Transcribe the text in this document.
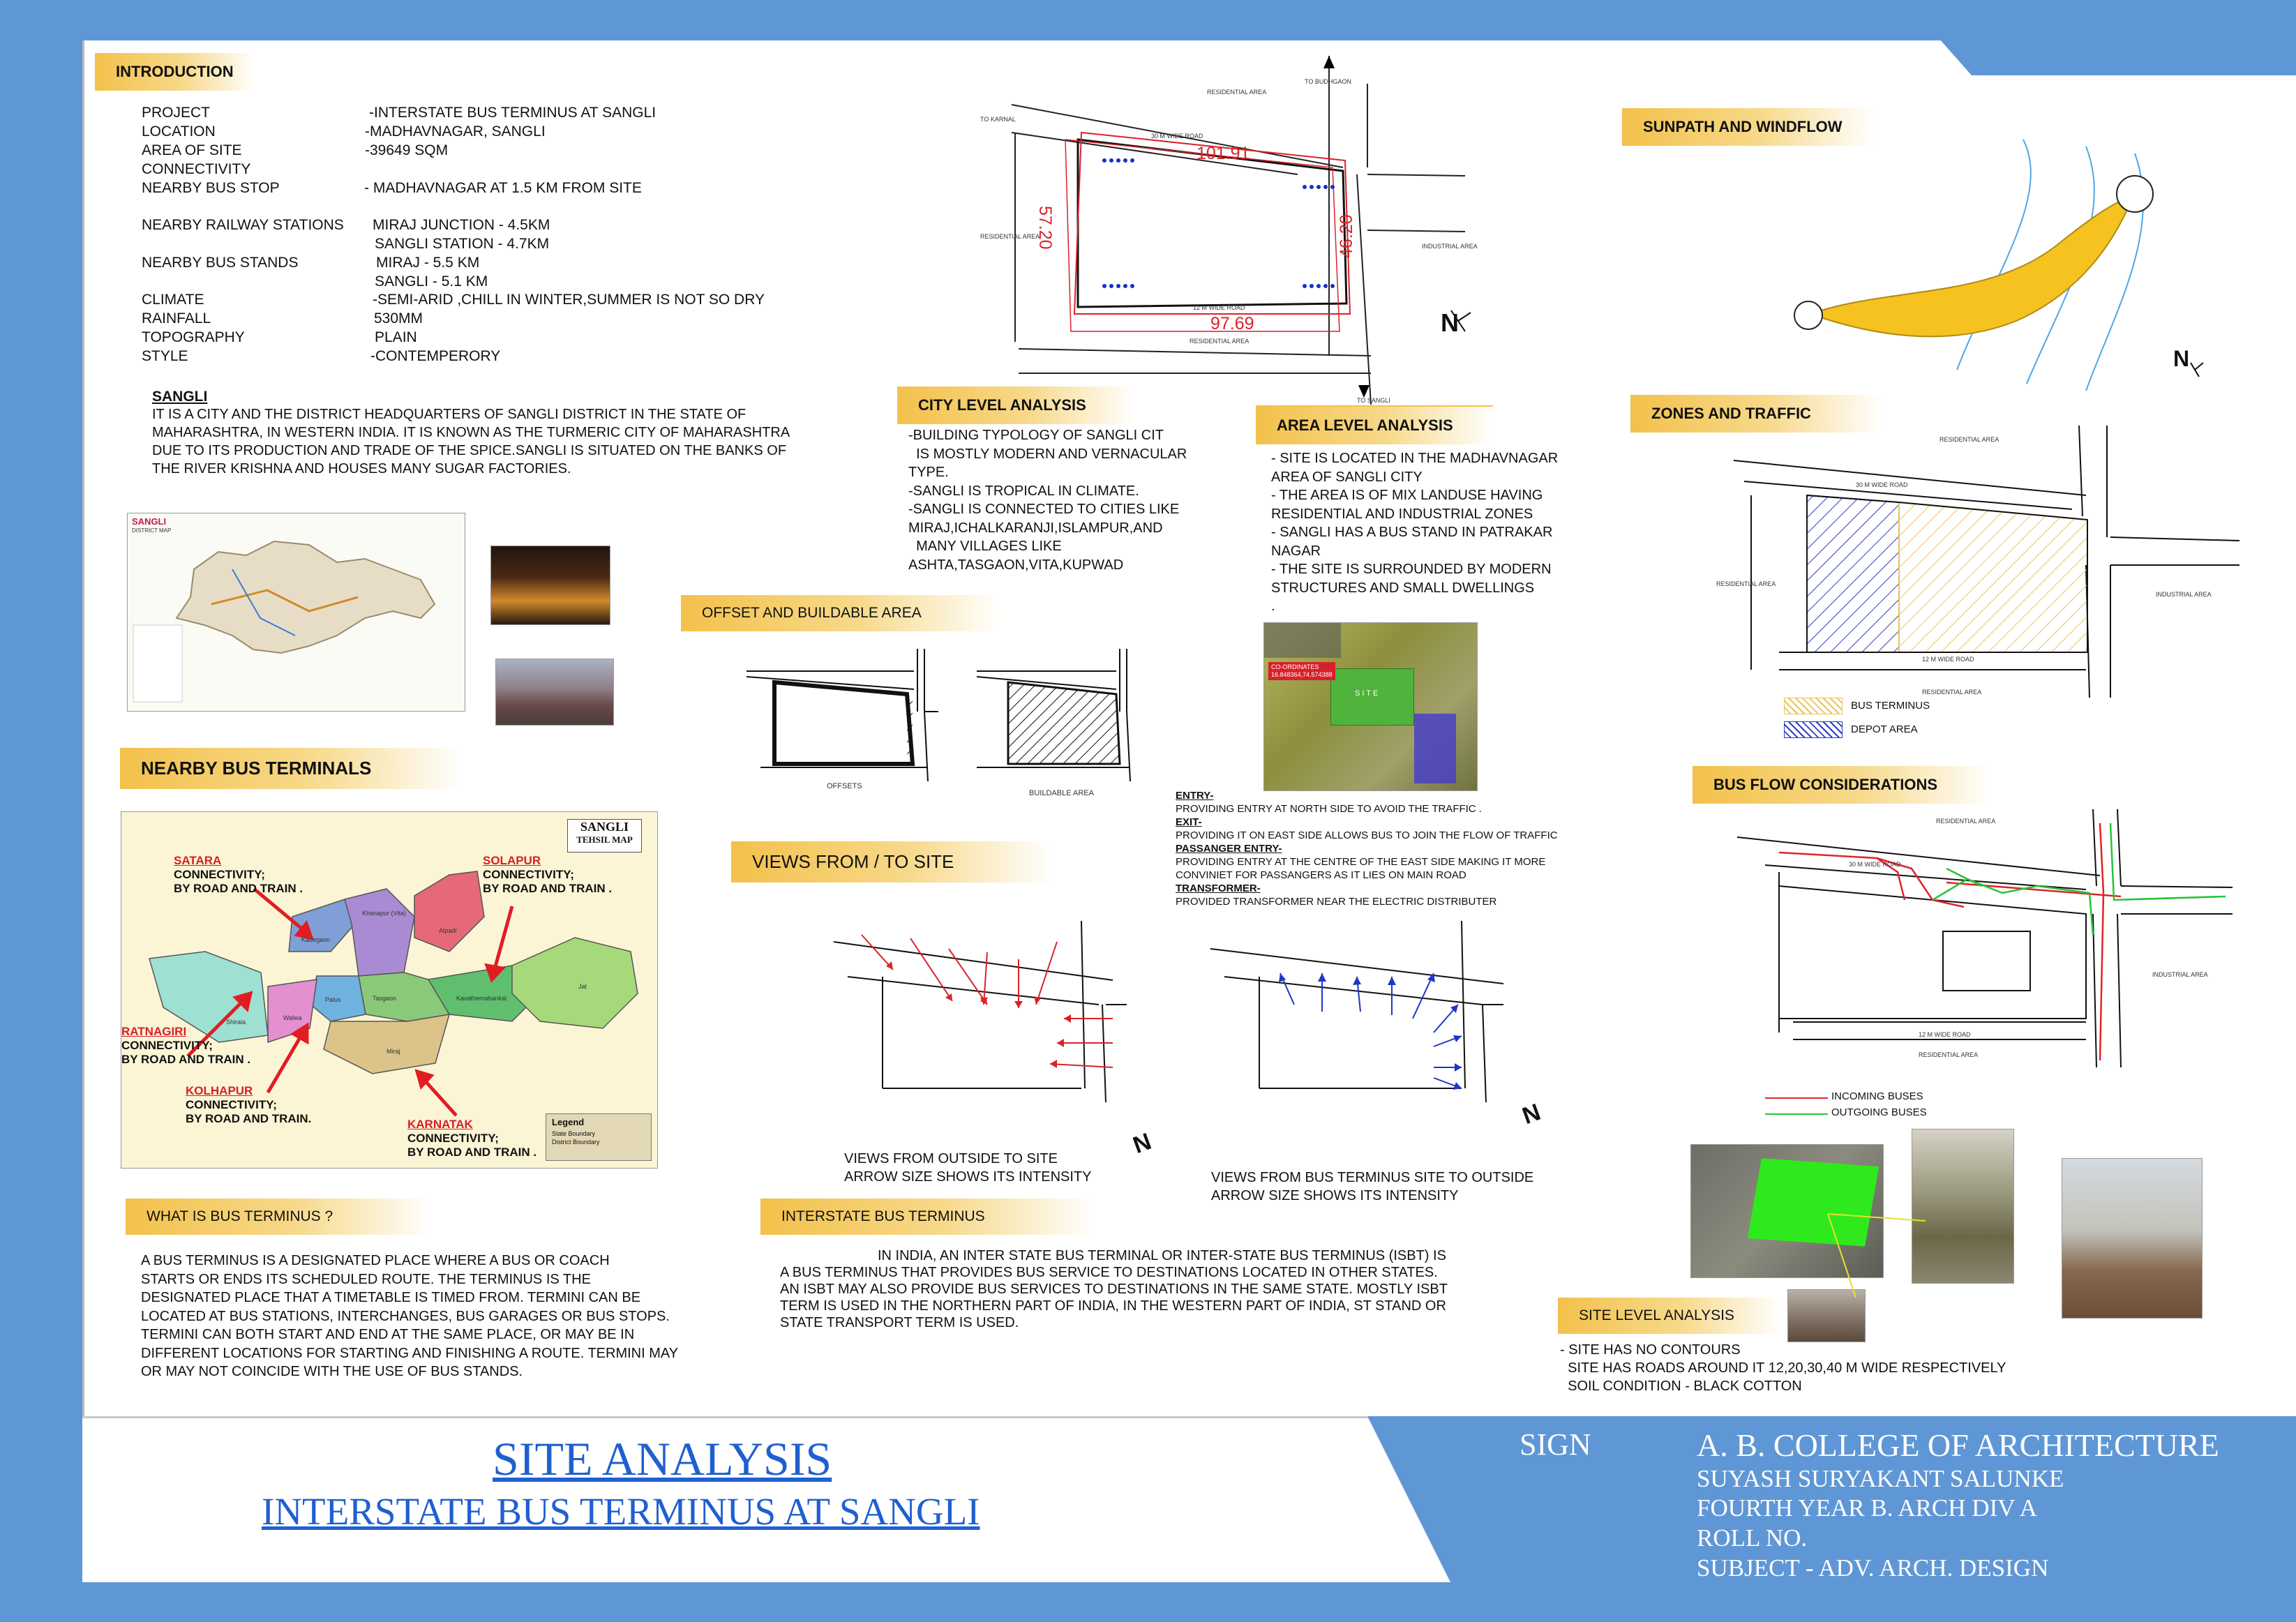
INTRODUCTION
PROJECT	-INTERSTATE BUS TERMINUS AT SANGLI
LOCATION	-MADHAVNAGAR, SANGLI
AREA OF SITE	-39649 SQM
CONNECTIVITY
NEARBY BUS STOP	- MADHAVNAGAR AT 1.5 KM FROM SITE
NEARBY RAILWAY STATIONS MIRAJ JUNCTION - 4.5KM
SANGLI STATION - 4.7KM
NEARBY BUS STANDS	MIRAJ - 5.5 KM
SANGLI - 5.1 KM
CLIMATE	-SEMI-ARID ,CHILL IN WINTER,SUMMER IS NOT SO DRY
RAINFALL	530MM
TOPOGRAPHY	PLAIN
STYLE	-CONTEMPERORY
SANGLI
IT IS A CITY AND THE DISTRICT HEADQUARTERS OF SANGLI DISTRICT IN THE STATE OF
MAHARASHTRA, IN WESTERN INDIA. IT IS KNOWN AS THE TURMERIC CITY OF MAHARASHTRA
DUE TO ITS PRODUCTION AND TRADE OF THE SPICE.SANGLI IS SITUATED ON THE BANKS OF
THE RIVER KRISHNA AND HOUSES MANY SUGAR FACTORIES.
SANGLI
DISTRICT MAP
NEARBY BUS TERMINALS
SANGLI
TEHSIL MAP
Legend
State Boundary
District Boundary
Kadegaon
Khanapur (Vita)
Atpadi
Tasgaon
Palus
Walwa
Shirala
Kavathemahankal
Jat
Miraj
SATARA
CONNECTIVITY;
BY ROAD AND TRAIN .
SOLAPUR
CONNECTIVITY;
BY ROAD AND TRAIN .
RATNAGIRI
CONNECTIVITY;
BY ROAD AND TRAIN .
KOLHAPUR
CONNECTIVITY;
BY ROAD AND TRAIN.	KARNATAK
CONNECTIVITY;
BY ROAD AND TRAIN .
WHAT IS BUS TERMINUS ?
A BUS TERMINUS IS A DESIGNATED PLACE WHERE A BUS OR COACH
STARTS OR ENDS ITS SCHEDULED ROUTE. THE TERMINUS IS THE
DESIGNATED PLACE THAT A TIMETABLE IS TIMED FROM. TERMINI CAN BE
LOCATED AT BUS STATIONS, INTERCHANGES, BUS GARAGES OR BUS STOPS.
TERMINI CAN BOTH START AND END AT THE SAME PLACE, OR MAY BE IN
DIFFERENT LOCATIONS FOR STARTING AND FINISHING A ROUTE. TERMINI MAY
OR MAY NOT COINCIDE WITH THE USE OF BUS STANDS.
N
101.91
97.69
57.20	46.20
TO BUDHGAON
TO KARNAL
TO SANGLI
RESIDENTIAL AREA
RESIDENTIAL AREA
RESIDENTIAL AREA
INDUSTRIAL AREA
30 M WIDE ROAD
12 M WIDE ROAD
CITY LEVEL ANALYSIS
-BUILDING TYPOLOGY OF SANGLI CIT
IS MOSTLY MODERN AND VERNACULAR
TYPE.
-SANGLI IS TROPICAL IN CLIMATE.
-SANGLI IS CONNECTED TO CITIES LIKE
MIRAJ,ICHALKARANJI,ISLAMPUR,AND
MANY VILLAGES LIKE
ASHTA,TASGAON,VITA,KUPWAD
AREA LEVEL ANALYSIS
- SITE IS LOCATED IN THE MADHAVNAGAR
AREA OF SANGLI CITY
- THE AREA IS OF MIX LANDUSE HAVING
RESIDENTIAL AND INDUSTRIAL ZONES
- SANGLI HAS A BUS STAND IN PATRAKAR
NAGAR
- THE SITE IS SURROUNDED BY MODERN
STRUCTURES AND SMALL DWELLINGS
.
S I T E
CO-ORDINATES
16.848364,74.574388
OFFSET AND BUILDABLE AREA
OFFSETS
BUILDABLE AREA	ENTRY-
PROVIDING ENTRY AT NORTH SIDE TO AVOID THE TRAFFIC .
EXIT-
PROVIDING IT ON EAST SIDE ALLOWS BUS TO JOIN THE FLOW OF TRAFFIC
PASSANGER ENTRY-
PROVIDING ENTRY AT THE CENTRE OF THE EAST SIDE MAKING IT MORE
CONVINIET FOR PASSANGERS AS IT LIES ON MAIN ROAD
TRANSFORMER-
PROVIDED TRANSFORMER NEAR THE ELECTRIC DISTRIBUTER
VIEWS FROM / TO SITE
VIEWS FROM OUTSIDE TO SITE
ARROW SIZE SHOWS ITS INTENSITY	VIEWS FROM BUS TERMINUS SITE TO OUTSIDE
ARROW SIZE SHOWS ITS INTENSITY
N
N
INTERSTATE BUS TERMINUS
IN INDIA, AN INTER STATE BUS TERMINAL OR INTER-STATE BUS TERMINUS (ISBT) IS
A BUS TERMINUS THAT PROVIDES BUS SERVICE TO DESTINATIONS LOCATED IN OTHER STATES.
AN ISBT MAY ALSO PROVIDE BUS SERVICES TO DESTINATIONS IN THE SAME STATE. MOSTLY ISBT
TERM IS USED IN THE NORTHERN PART OF INDIA, IN THE WESTERN PART OF INDIA, ST STAND OR
STATE TRANSPORT TERM IS USED.
SUNPATH AND WINDFLOW
N
ZONES AND TRAFFIC
RESIDENTIAL AREA
RESIDENTIAL AREA
RESIDENTIAL AREA
INDUSTRIAL AREA
30 M WIDE ROAD
12 M WIDE ROAD
BUS TERMINUS
DEPOT AREA
BUS FLOW CONSIDERATIONS
RESIDENTIAL AREA
RESIDENTIAL AREA
INDUSTRIAL AREA
30 M WIDE ROAD
12 M WIDE ROAD
INCOMING BUSES
OUTGOING BUSES
SITE LEVEL ANALYSIS
- SITE HAS NO CONTOURS
SITE HAS ROADS AROUND IT 12,20,30,40 M WIDE RESPECTIVELY
SOIL CONDITION - BLACK COTTON
SITE ANALYSIS
INTERSTATE BUS TERMINUS AT SANGLI
SIGN	A. B. COLLEGE OF ARCHITECTURE
SUYASH SURYAKANT SALUNKE
FOURTH YEAR B. ARCH DIV A
ROLL NO.
SUBJECT - ADV. ARCH. DESIGN
